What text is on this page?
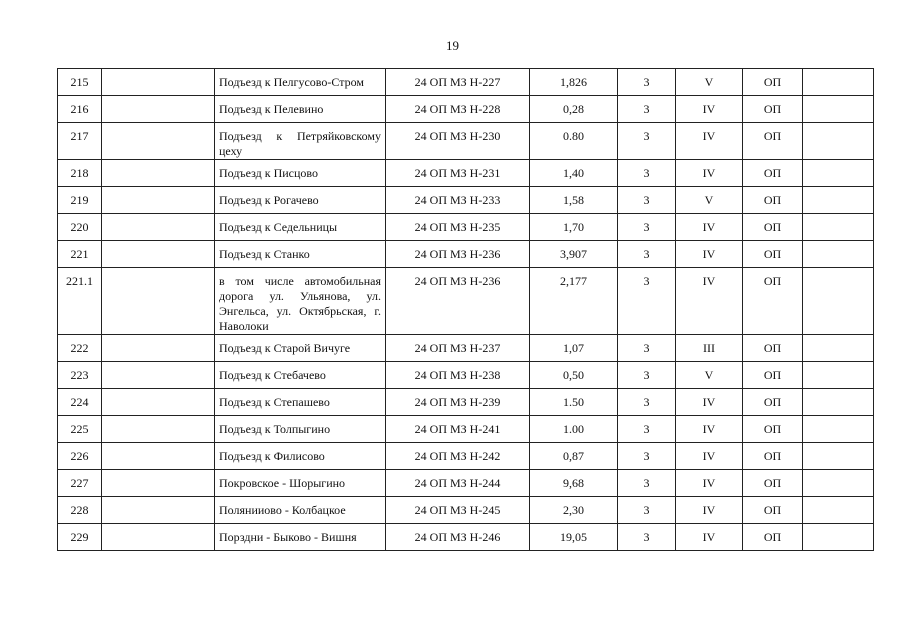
19
215		Подъезд к Пелгусово-Стром	24 ОП МЗ Н-227	1,826	3	V	ОП	
216		Подъезд к Пелевино	24 ОП МЗ Н-228	0,28	3	IV	ОП	
217		Подъезд к Петряйковскому цеху	24 ОП МЗ Н-230	0.80	3	IV	ОП	
218		Подъезд к Писцово	24 ОП МЗ Н-231	1,40	3	IV	ОП	
219		Подъезд к Рогачево	24 ОП МЗ Н-233	1,58	3	V	ОП	
220		Подъезд к Седельницы	24 ОП МЗ Н-235	1,70	3	IV	ОП	
221		Подъезд к Станко	24 ОП МЗ Н-236	3,907	3	IV	ОП	
221.1		в том числе автомобильная дорога ул. Ульянова, ул. Энгельса, ул. Октябрьская, г. Наволоки	24 ОП МЗ Н-236	2,177	3	IV	ОП	
222		Подъезд к Старой Вичуге	24 ОП МЗ Н-237	1,07	3	III	ОП	
223		Подъезд к Стебачево	24 ОП МЗ Н-238	0,50	3	V	ОП	
224		Подъезд к Степашево	24 ОП МЗ Н-239	1.50	3	IV	ОП	
225		Подъезд к Толпыгино	24 ОП МЗ Н-241	1.00	3	IV	ОП	
226		Подъезд к Филисово	24 ОП МЗ Н-242	0,87	3	IV	ОП	
227		Покровское - Шорыгино	24 ОП МЗ Н-244	9,68	3	IV	ОП	
228		Полянииово - Колбацкое	24 ОП МЗ Н-245	2,30	3	IV	ОП	
229		Порздни - Быково - Вишня	24 ОП МЗ Н-246	19,05	3	IV	ОП	
